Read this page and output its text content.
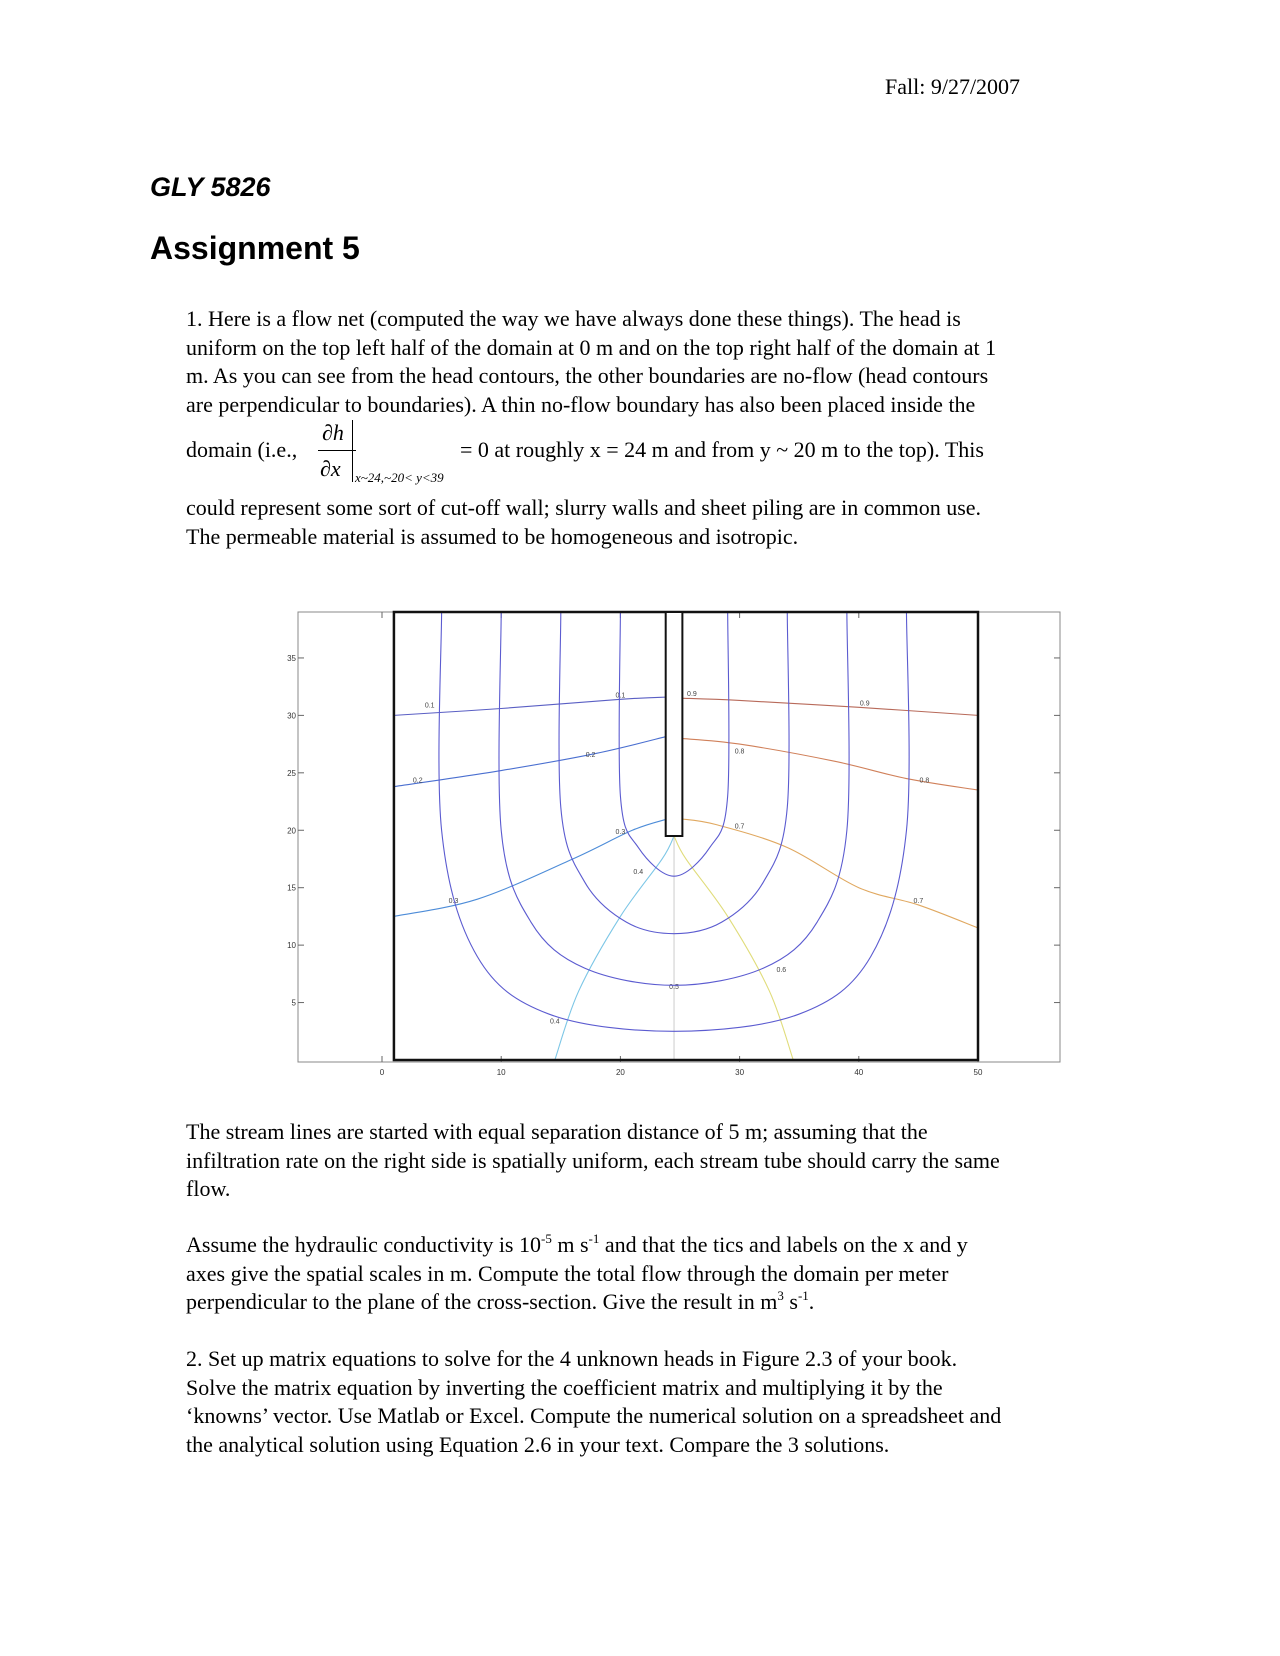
Fall: 9/27/2007
GLY 5826
Assignment 5

1. Here is a flow net (computed the way we have always done these things). The head is

uniform on the top left half of the domain at 0 m and on the top right half of the domain at 1

m. As you can see from the head contours, the other boundaries are no-flow (head contours

are perpendicular to boundaries). A thin no-flow boundary has also been placed inside the

domain (i.e.,
∂h
∂x x~24,~20< y<39
= 0 at roughly x = 24 m and from y ~ 20 m to the top). This

could represent some sort of cut-off wall; slurry walls and sheet piling are in common use.

The permeable material is assumed to be homogeneous and isotropic.

0	10	20	30	40	50
5
10
15
20
25
30
35
0.1
0.1
0.2
0.2
0.3
0.3
0.4
0.4
0.5
0.6
0.7
0.7
0.8
0.8
0.9
0.9

The stream lines are started with equal separation distance of 5 m; assuming that the

infiltration rate on the right side is spatially uniform, each stream tube should carry the same

flow.

Assume the hydraulic conductivity is $10^{-5}$ m $s^{-1}$ and that the tics and labels on the x and y

axes give the spatial scales in m. Compute the total flow through the domain per meter

perpendicular to the plane of the cross-section. Give the result in $m^3$ $s^{-1}$.

2. Set up matrix equations to solve for the 4 unknown heads in Figure 2.3 of your book.

Solve the matrix equation by inverting the coefficient matrix and multiplying it by the

‘knowns’ vector. Use Matlab or Excel. Compute the numerical solution on a spreadsheet and

the analytical solution using Equation 2.6 in your text. Compare the 3 solutions.
